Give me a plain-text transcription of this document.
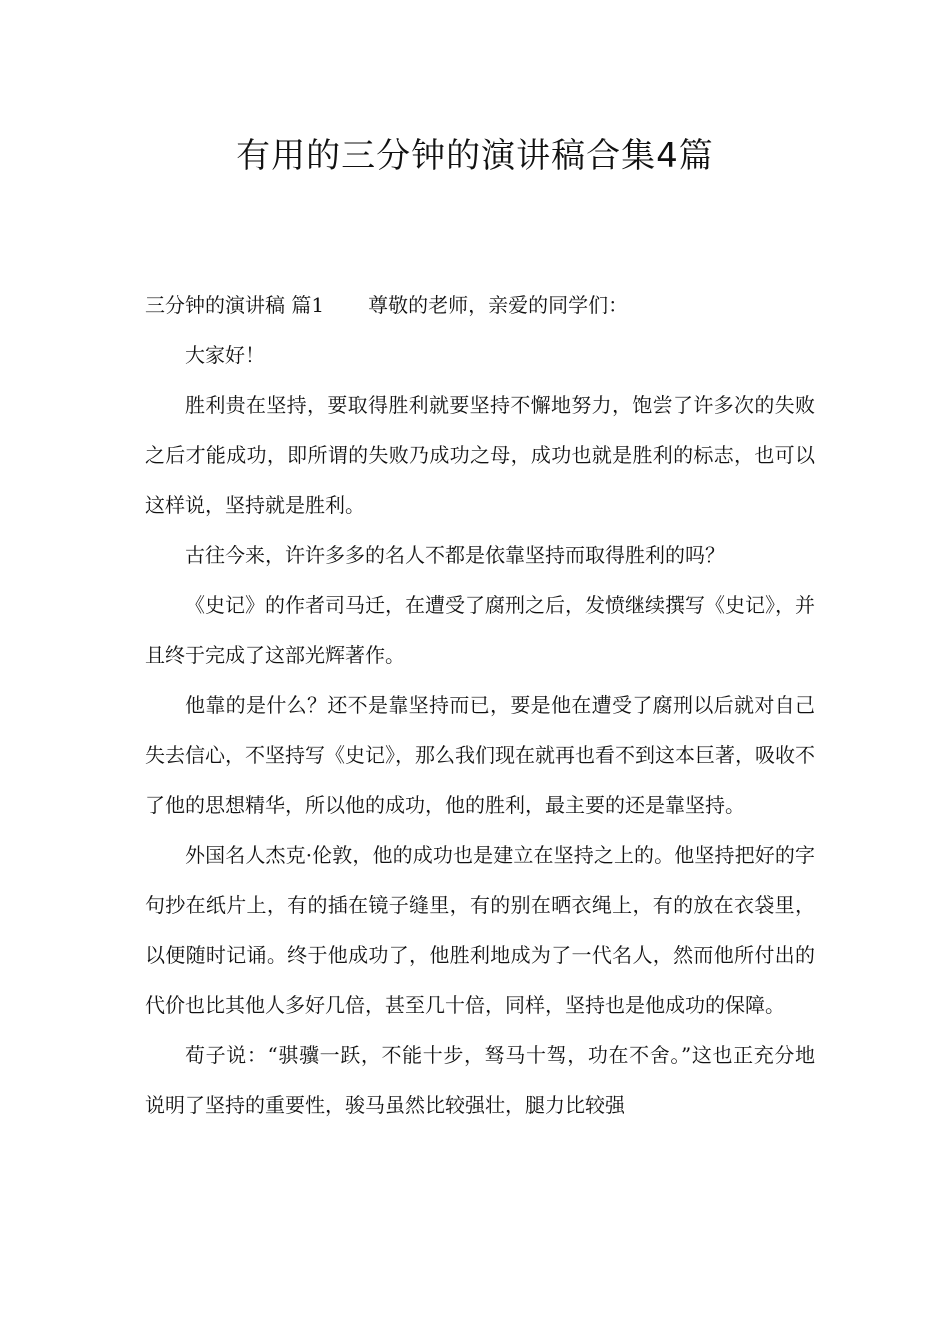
有用的三分钟的演讲稿合集4篇

三分钟的演讲稿 篇1 尊敬的老师，亲爱的同学们：

大家好！

胜利贵在坚持，要取得胜利就要坚持不懈地努力，饱尝了许多次的失败之后才能成功，即所谓的失败乃成功之母，成功也就是胜利的标志，也可以这样说，坚持就是胜利。

古往今来，许许多多的名人不都是依靠坚持而取得胜利的吗？

《史记》的作者司马迁，在遭受了腐刑之后，发愤继续撰写《史记》，并且终于完成了这部光辉著作。

他靠的是什么？还不是靠坚持而已，要是他在遭受了腐刑以后就对自己失去信心，不坚持写《史记》，那么我们现在就再也看不到这本巨著，吸收不了他的思想精华，所以他的成功，他的胜利，最主要的还是靠坚持。

外国名人杰克·伦敦，他的成功也是建立在坚持之上的。他坚持把好的字句抄在纸片上，有的插在镜子缝里，有的别在晒衣绳上，有的放在衣袋里，以便随时记诵。终于他成功了，他胜利地成为了一代名人，然而他所付出的代价也比其他人多好几倍，甚至几十倍，同样，坚持也是他成功的保障。

荀子说：“骐骥一跃，不能十步，驽马十驾，功在不舍。”这也正充分地说明了坚持的重要性，骏马虽然比较强壮，腿力比较强
